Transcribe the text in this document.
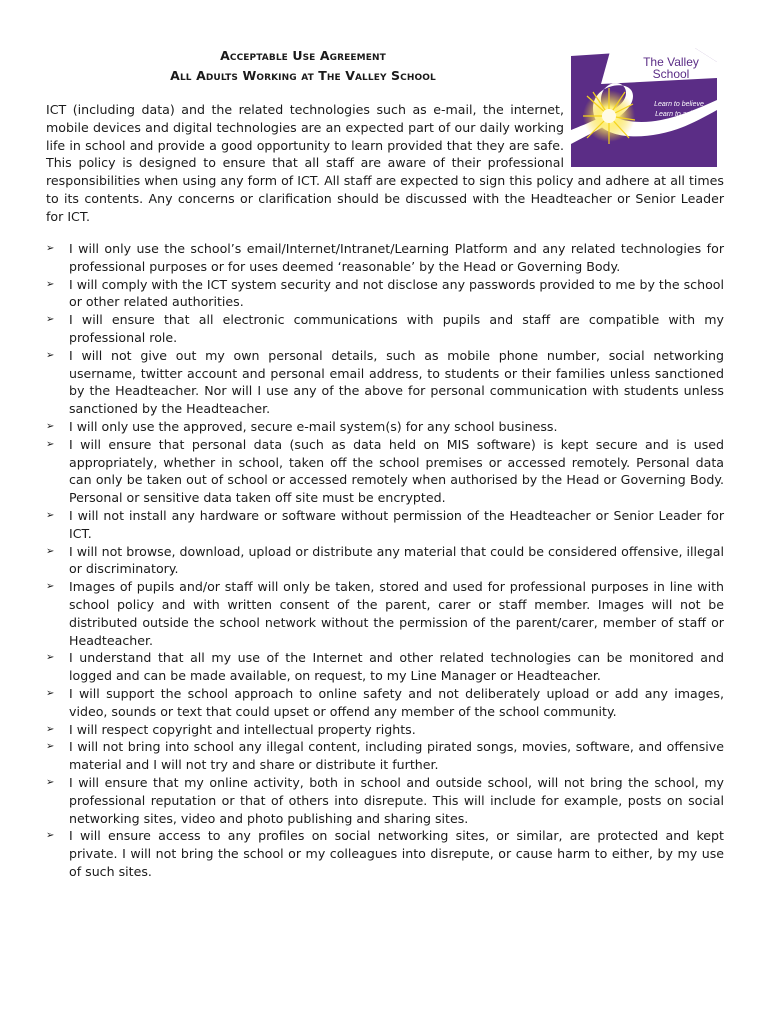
Acceptable Use Agreement
All Adults Working at The Valley School
The Valley
School
Learn to believe
Learn to achieve

ICT (including data) and the related technologies such as e-mail, the internet, mobile devices and digital technologies are an expected part of our daily working life in school and provide a good opportunity to learn provided that they are safe. This policy is designed to ensure that all staff are aware of their professional responsibilities when using any form of ICT. All staff are expected to sign this policy and adhere at all times to its contents. Any concerns or clarification should be discussed with the Headteacher or Senior Leader for ICT.

➢ I will only use the school’s email/Internet/Intranet/Learning Platform and any related technologies for professional purposes or for uses deemed ‘reasonable’ by the Head or Governing Body.
➢ I will comply with the ICT system security and not disclose any passwords provided to me by the school or other related authorities.
➢ I will ensure that all electronic communications with pupils and staff are compatible with my professional role.
➢ I will not give out my own personal details, such as mobile phone number, social networking username, twitter account and personal email address, to students or their families unless sanctioned by the Headteacher. Nor will I use any of the above for personal communication with students unless sanctioned by the Headteacher.
➢ I will only use the approved, secure e-mail system(s) for any school business.
➢ I will ensure that personal data (such as data held on MIS software) is kept secure and is used appropriately, whether in school, taken off the school premises or accessed remotely. Personal data can only be taken out of school or accessed remotely when authorised by the Head or Governing Body. Personal or sensitive data taken off site must be encrypted.
➢ I will not install any hardware or software without permission of the Headteacher or Senior Leader for ICT.
➢ I will not browse, download, upload or distribute any material that could be considered offensive, illegal or discriminatory.
➢ Images of pupils and/or staff will only be taken, stored and used for professional purposes in line with school policy and with written consent of the parent, carer or staff member. Images will not be distributed outside the school network without the permission of the parent/carer, member of staff or Headteacher.
➢ I understand that all my use of the Internet and other related technologies can be monitored and logged and can be made available, on request, to my Line Manager or Headteacher.
➢ I will support the school approach to online safety and not deliberately upload or add any images, video, sounds or text that could upset or offend any member of the school community.
➢ I will respect copyright and intellectual property rights.
➢ I will not bring into school any illegal content, including pirated songs, movies, software, and offensive material and I will not try and share or distribute it further.
➢ I will ensure that my online activity, both in school and outside school, will not bring the school, my professional reputation or that of others into disrepute. This will include for example, posts on social networking sites, video and photo publishing and sharing sites.
➢ I will ensure access to any profiles on social networking sites, or similar, are protected and kept private. I will not bring the school or my colleagues into disrepute, or cause harm to either, by my use of such sites.
